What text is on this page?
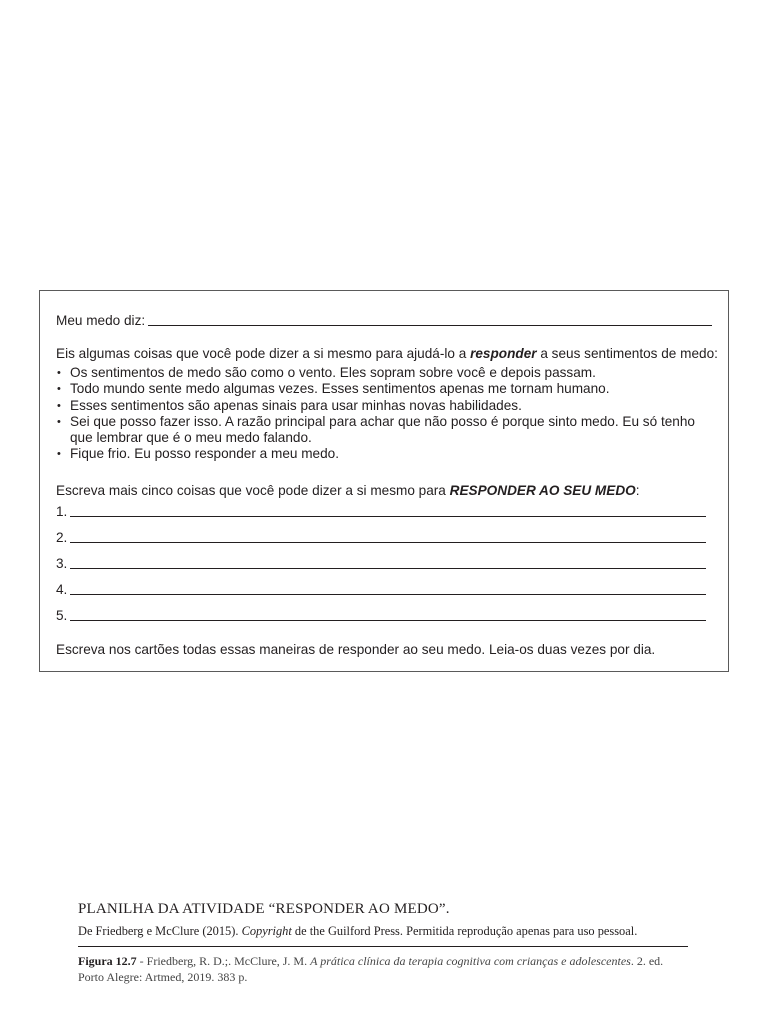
Meu medo diz:
Eis algumas coisas que você pode dizer a si mesmo para ajudá-lo a responder a seus sentimentos de medo:
• Os sentimentos de medo são como o vento. Eles sopram sobre você e depois passam.
• Todo mundo sente medo algumas vezes. Esses sentimentos apenas me tornam humano.
• Esses sentimentos são apenas sinais para usar minhas novas habilidades.
• Sei que posso fazer isso. A razão principal para achar que não posso é porque sinto medo. Eu só tenho que lembrar que é o meu medo falando.
• Fique frio. Eu posso responder a meu medo.
Escreva mais cinco coisas que você pode dizer a si mesmo para RESPONDER AO SEU MEDO:
1.
2.
3.
4.
5.
Escreva nos cartões todas essas maneiras de responder ao seu medo. Leia-os duas vezes por dia.
PLANILHA DA ATIVIDADE “RESPONDER AO MEDO”.
De Friedberg e McClure (2015). Copyright de the Guilford Press. Permitida reprodução apenas para uso pessoal.
Figura 12.7 - Friedberg, R. D.;. McClure, J. M. A prática clínica da terapia cognitiva com crianças e adolescentes. 2. ed. Porto Alegre: Artmed, 2019. 383 p.
